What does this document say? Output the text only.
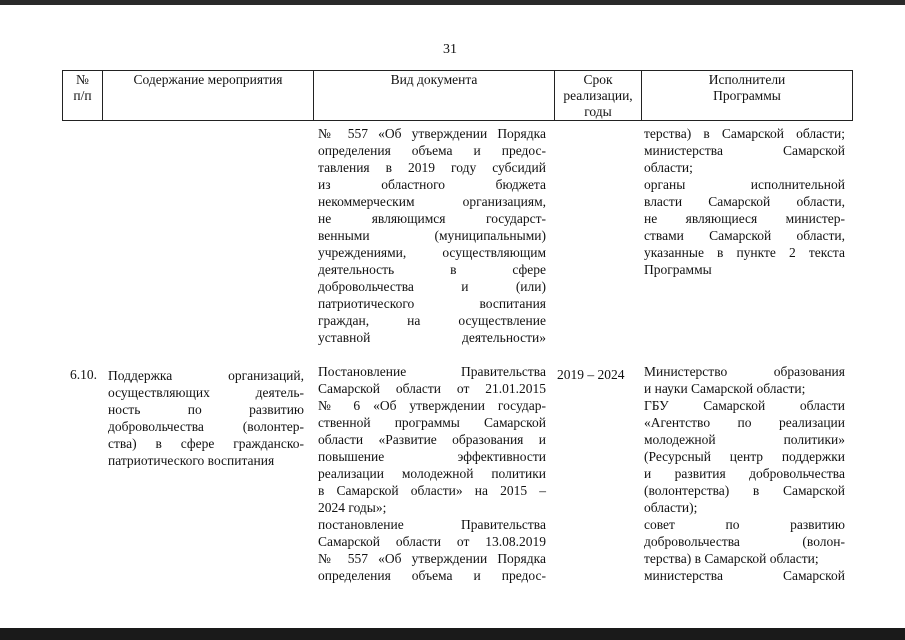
31
№
п/п
Содержание мероприятия	Вид документа	Срок
реализации,
годы
Исполнители
Программы
№ 557 «Об утверждении Порядка
определения объема и предос-
тавления в 2019 году субсидий
из областного бюджета
некоммерческим организациям,
не являющимся государст-
венными (муниципальными)
учреждениями, осуществляющим
деятельность в сфере
добровольчества и (или)
патриотического воспитания
граждан, на осуществление
уставной деятельности»
Постановление Правительства
Самарской области от 21.01.2015
№ 6 «Об утверждении государ-
ственной программы Самарской
области «Развитие образования и
повышение эффективности
реализации молодежной политики
в Самарской области» на 2015 –
2024 годы»;
постановление Правительства
Самарской области от 13.08.2019
№ 557 «Об утверждении Порядка
определения объема и предос-
терства) в Самарской области;
министерства Самарской
области;
органы исполнительной
власти Самарской области,
не являющиеся министер-
ствами Самарской области,
указанные в пункте 2 текста
Программы
Министерство образования
и науки Самарской области;
ГБУ Самарской области
«Агентство по реализации
молодежной политики»
(Ресурсный центр поддержки
и развития добровольчества
(волонтерства) в Самарской
области);
совет по развитию
добровольчества (волон-
терства) в Самарской области;
министерства Самарской
6.10. Поддержка организаций,
осуществляющих деятель-
ность по развитию
добровольчества (волонтер-
ства) в сфере гражданско-
патриотического воспитания
2019 – 2024
